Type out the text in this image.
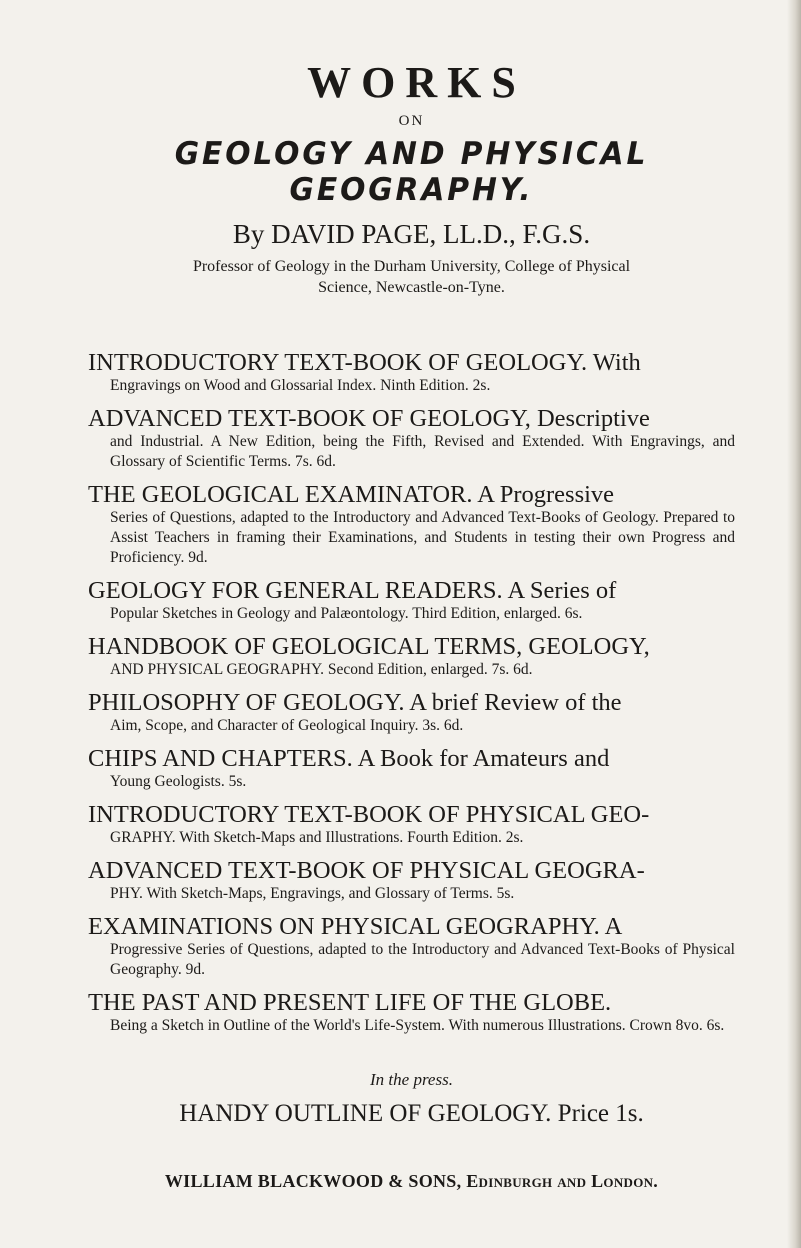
WORKS

ON

GEOLOGY AND PHYSICAL GEOGRAPHY.

By DAVID PAGE, LL.D., F.G.S.

Professor of Geology in the Durham University, College of Physical

Science, Newcastle-on-Tyne.

INTRODUCTORY TEXT-BOOK OF GEOLOGY. With

Engravings on Wood and Glossarial Index. Ninth Edition. 2s.

ADVANCED TEXT-BOOK OF GEOLOGY, Descriptive

and Industrial. A New Edition, being the Fifth, Revised and Extended. With Engravings, and Glossary of Scientific Terms. 7s. 6d.

THE GEOLOGICAL EXAMINATOR. A Progressive

Series of Questions, adapted to the Introductory and Advanced Text-Books of Geology. Prepared to Assist Teachers in framing their Examinations, and Students in testing their own Progress and Proficiency. 9d.

GEOLOGY FOR GENERAL READERS. A Series of

Popular Sketches in Geology and Palæontology. Third Edition, enlarged. 6s.

HANDBOOK OF GEOLOGICAL TERMS, GEOLOGY,

AND PHYSICAL GEOGRAPHY. Second Edition, enlarged. 7s. 6d.

PHILOSOPHY OF GEOLOGY. A brief Review of the

Aim, Scope, and Character of Geological Inquiry. 3s. 6d.

CHIPS AND CHAPTERS. A Book for Amateurs and

Young Geologists. 5s.

INTRODUCTORY TEXT-BOOK OF PHYSICAL GEO-

GRAPHY. With Sketch-Maps and Illustrations. Fourth Edition. 2s.

ADVANCED TEXT-BOOK OF PHYSICAL GEOGRA-

PHY. With Sketch-Maps, Engravings, and Glossary of Terms. 5s.

EXAMINATIONS ON PHYSICAL GEOGRAPHY. A

Progressive Series of Questions, adapted to the Introductory and Advanced Text-Books of Physical Geography. 9d.

THE PAST AND PRESENT LIFE OF THE GLOBE.

Being a Sketch in Outline of the World's Life-System. With numerous Illustrations. Crown 8vo. 6s.

In the press.

HANDY OUTLINE OF GEOLOGY. Price 1s.

WILLIAM BLACKWOOD & SONS, Edinburgh and London.
